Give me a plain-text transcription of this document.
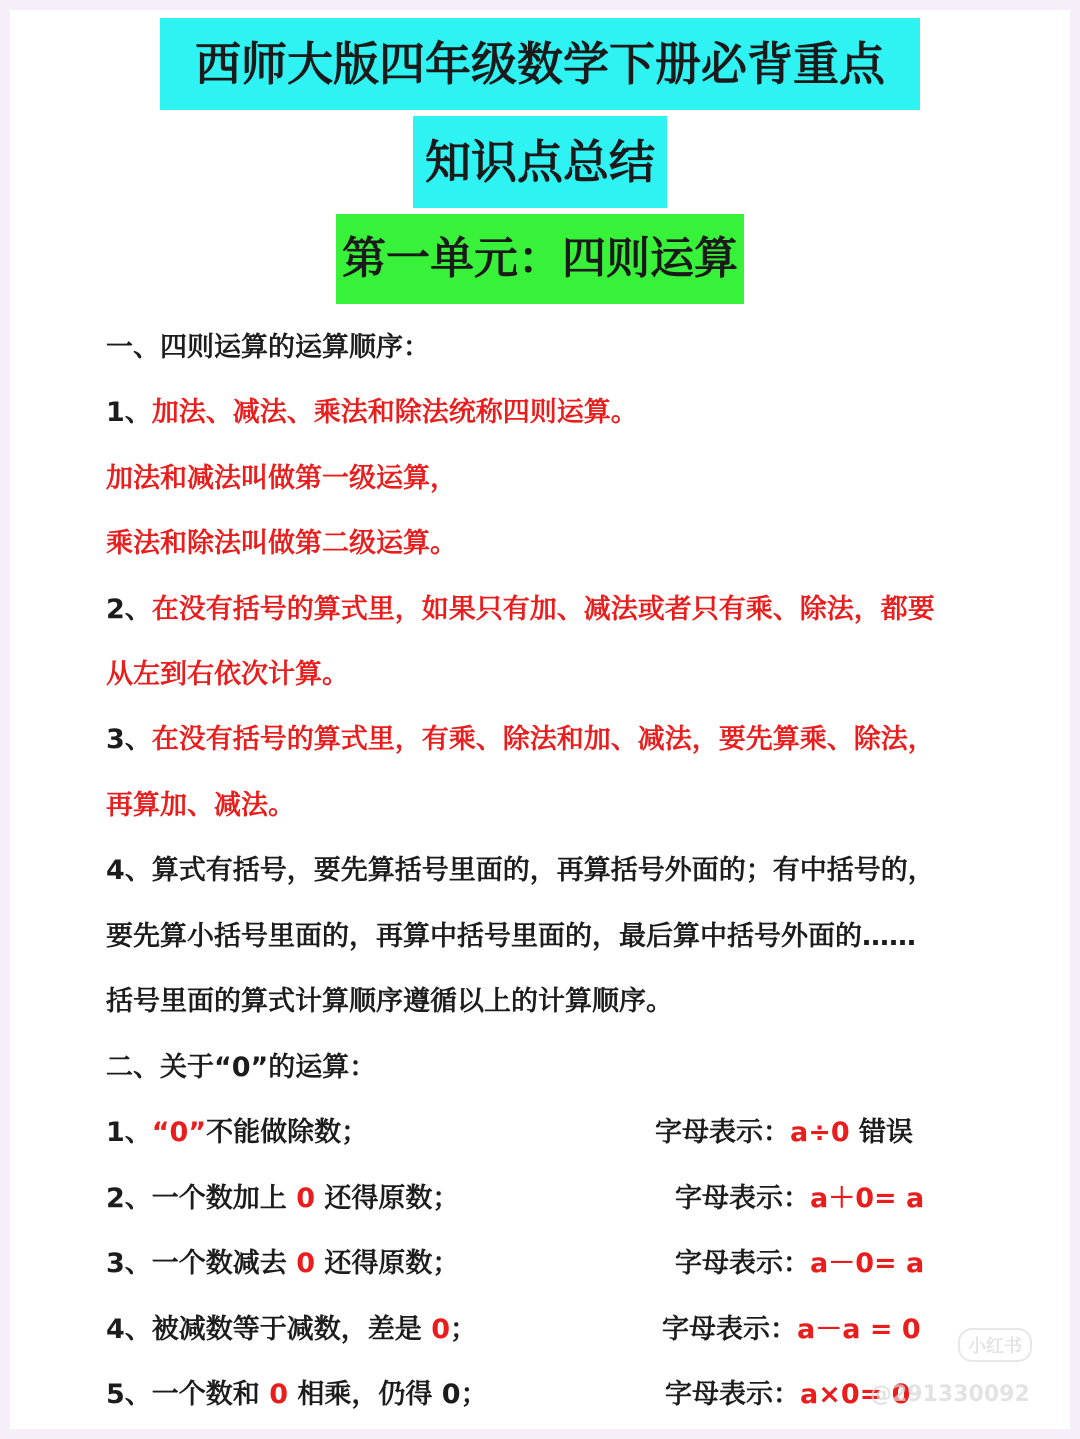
西师大版四年级数学下册必背重点
知识点总结
第一单元：四则运算
一、四则运算的运算顺序：
1、加法、减法、乘法和除法统称四则运算。
加法和减法叫做第一级运算，
乘法和除法叫做第二级运算。
2、在没有括号的算式里，如果只有加、减法或者只有乘、除法，都要
从左到右依次计算。
3、在没有括号的算式里，有乘、除法和加、减法，要先算乘、除法，
再算加、减法。
4、算式有括号，要先算括号里面的，再算括号外面的；有中括号的，
要先算小括号里面的，再算中括号里面的，最后算中括号外面的……
括号里面的算式计算顺序遵循以上的计算顺序。
二、关于“0”的运算：
1、“0”不能做除数；	字母表示：a÷0 错误
2、一个数加上 0 还得原数；	字母表示：a＋0= a
3、一个数减去 0 还得原数；	字母表示：a－0= a
4、被减数等于减数，差是 0；	字母表示：a－a = 0
5、一个数和 0 相乘，仍得 0；	字母表示：a×0= 0
小红书
@291330092
